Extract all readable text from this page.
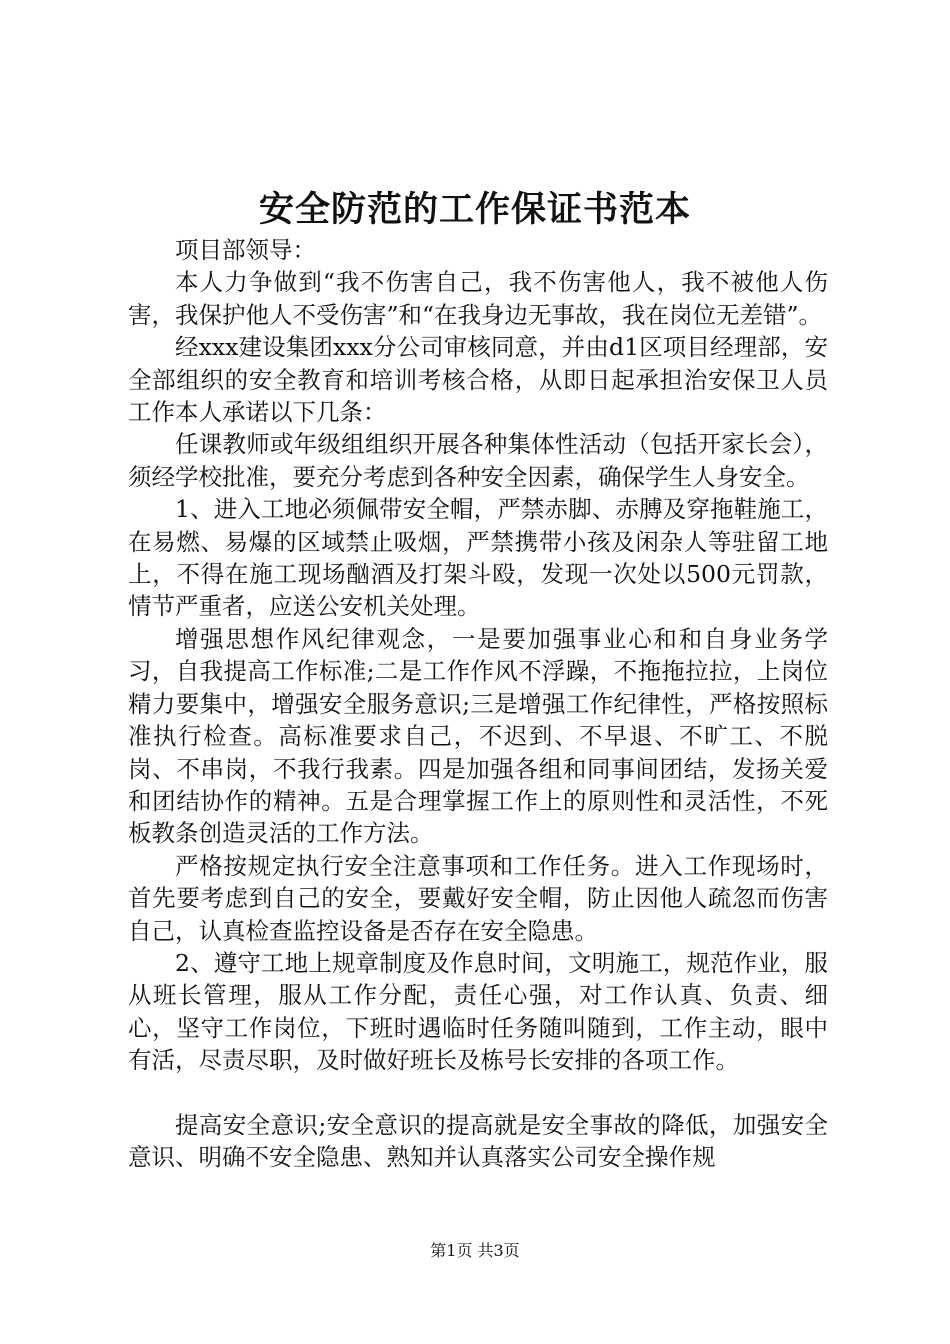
安全防范的工作保证书范本

项目部领导：

本人力争做到“我不伤害自己，我不伤害他人，我不被他人伤害，我保护他人不受伤害”和“在我身边无事故，我在岗位无差错”。

经xxx建设集团xxx分公司审核同意，并由d1区项目经理部，安全部组织的安全教育和培训考核合格，从即日起承担治安保卫人员工作本人承诺以下几条：

任课教师或年级组组织开展各种集体性活动（包括开家长会），须经学校批准，要充分考虑到各种安全因素，确保学生人身安全。

1、进入工地必须佩带安全帽，严禁赤脚、赤膊及穿拖鞋施工，在易燃、易爆的区域禁止吸烟，严禁携带小孩及闲杂人等驻留工地上，不得在施工现场酗酒及打架斗殴，发现一次处以500元罚款，情节严重者，应送公安机关处理。

增强思想作风纪律观念，一是要加强事业心和和自身业务学习，自我提高工作标准;二是工作作风不浮躁，不拖拖拉拉，上岗位精力要集中，增强安全服务意识;三是增强工作纪律性，严格按照标准执行检查。高标准要求自己，不迟到、不早退、不旷工、不脱岗、不串岗，不我行我素。四是加强各组和同事间团结，发扬关爱和团结协作的精神。五是合理掌握工作上的原则性和灵活性，不死板教条创造灵活的工作方法。

严格按规定执行安全注意事项和工作任务。进入工作现场时，首先要考虑到自己的安全，要戴好安全帽，防止因他人疏忽而伤害自己，认真检查监控设备是否存在安全隐患。

2、遵守工地上规章制度及作息时间，文明施工，规范作业，服从班长管理，服从工作分配，责任心强，对工作认真、负责、细心，坚守工作岗位，下班时遇临时任务随叫随到，工作主动，眼中有活，尽责尽职，及时做好班长及栋号长安排的各项工作。

提高安全意识;安全意识的提高就是安全事故的降低，加强安全意识、明确不安全隐患、熟知并认真落实公司安全操作规

第1页 共3页
